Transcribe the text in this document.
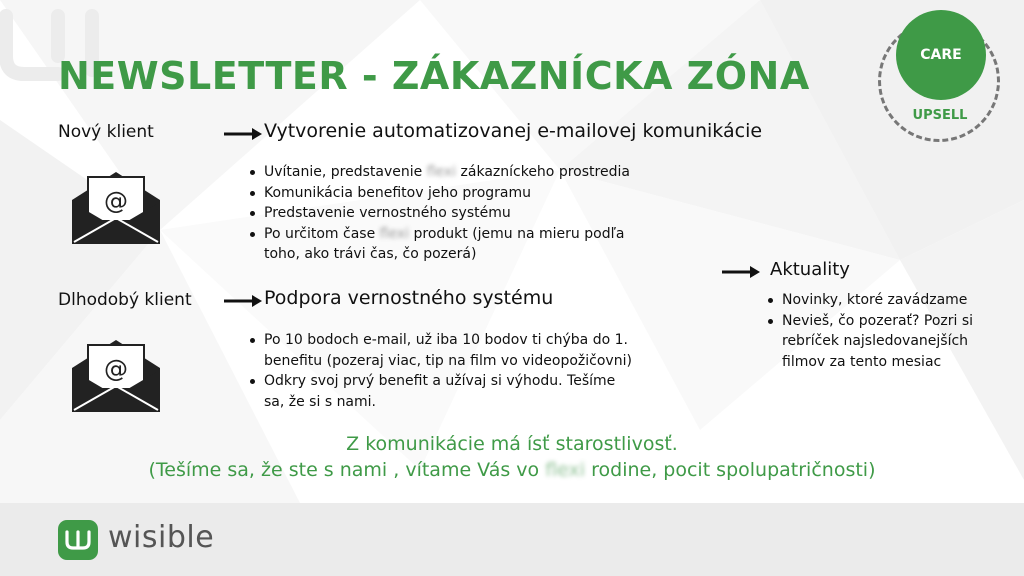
NEWSLETTER - ZÁKAZNÍCKA ZÓNA	CARE
UPSELL
Nový klient	Vytvorenie automatizovanej e-mailovej komunikácie
@
Uvítanie, predstavenie flexi zákazníckeho prostredia
Komunikácia benefitov jeho programu
Predstavenie vernostného systému
Po určitom čase flexi produkt (jemu na mieru podľa
toho, ako trávi čas, čo pozerá)
Dlhodobý klient	Podpora vernostného systému
@
Po 10 bodoch e-mail, už iba 10 bodov ti chýba do 1.
benefitu (pozeraj viac, tip na film vo videopožičovni)
Odkry svoj prvý benefit a užívaj si výhodu. Tešíme
sa, že si s nami.
Aktuality
Novinky, ktoré zavádzame
Nevieš, čo pozerať? Pozri si
rebríček najsledovanejších
filmov za tento mesiac
Z komunikácie má ísť starostlivosť.
(Tešíme sa, že ste s nami , vítame Vás vo flexi rodine, pocit spolupatričnosti)
wisible
